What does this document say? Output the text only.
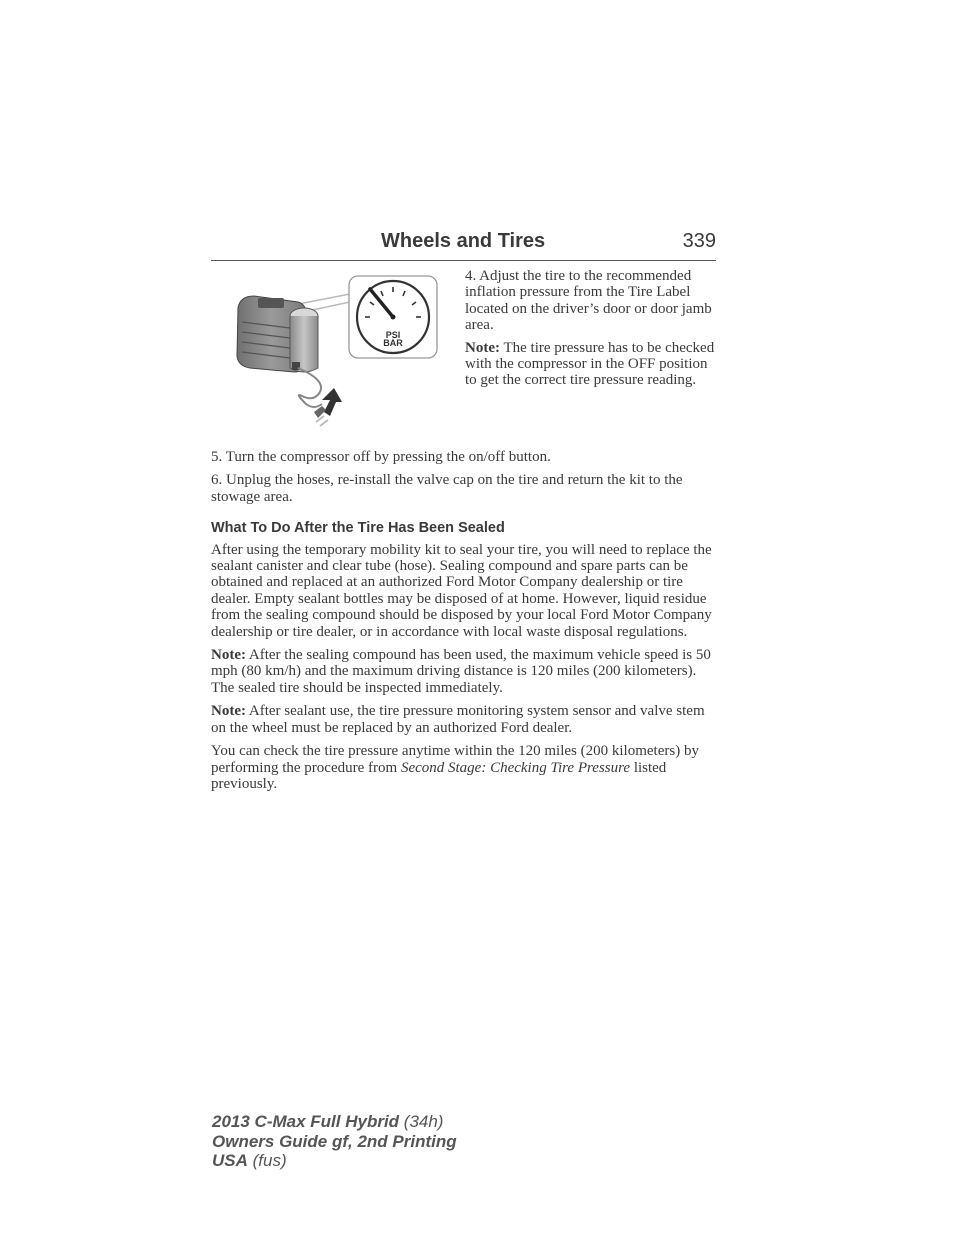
Wheels and Tires	339
PSI
BAR

4. Adjust the tire to the recommended inflation pressure from the Tire Label located on the driver’s door or door jamb area.

Note: The tire pressure has to be checked with the compressor in the OFF position to get the correct tire pressure reading.

5. Turn the compressor off by pressing the on/off button.

6. Unplug the hoses, re-install the valve cap on the tire and return the kit to the stowage area.

What To Do After the Tire Has Been Sealed

After using the temporary mobility kit to seal your tire, you will need to replace the sealant canister and clear tube (hose). Sealing compound and spare parts can be obtained and replaced at an authorized Ford Motor Company dealership or tire dealer. Empty sealant bottles may be disposed of at home. However, liquid residue from the sealing compound should be disposed by your local Ford Motor Company dealership or tire dealer, or in accordance with local waste disposal regulations.

Note: After the sealing compound has been used, the maximum vehicle speed is 50 mph (80 km/h) and the maximum driving distance is 120 miles (200 kilometers). The sealed tire should be inspected immediately.

Note: After sealant use, the tire pressure monitoring system sensor and valve stem on the wheel must be replaced by an authorized Ford dealer.

You can check the tire pressure anytime within the 120 miles (200 kilometers) by performing the procedure from Second Stage: Checking Tire Pressure listed previously.

2013 C-Max Full Hybrid (34h)
Owners Guide gf, 2nd Printing
USA (fus)
